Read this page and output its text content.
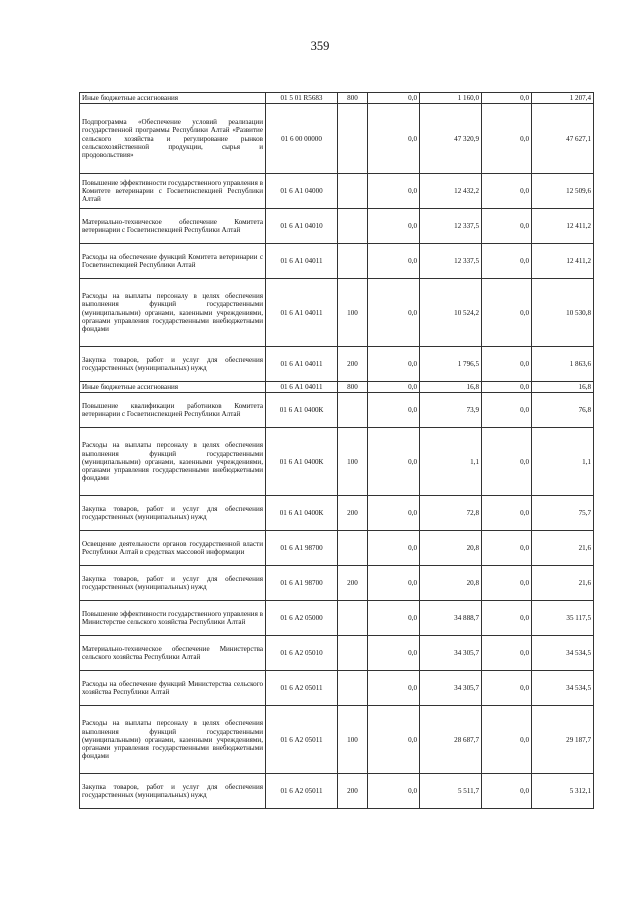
359
Иные бюджетные ассигнования	01 5 01 R5683	800	0,0	1 160,0	0,0	1 207,4
Подпрограмма «Обеспечение условий реализации государственной программы Республики Алтай «Развитие сельского хозяйства и регулирование рынков сельскохозяйственной продукции, сырья и продовольствия»	01 6 00 00000		0,0	47 320,9	0,0	47 627,1
Повышение эффективности государственного управления в Комитете ветеринарии с Госветинспекцией Республики Алтай	01 6 А1 04000		0,0	12 432,2	0,0	12 509,6
Материально-техническое обеспечение Комитета ветеринарии с Госветинспекцией Республики Алтай	01 6 А1 04010		0,0	12 337,5	0,0	12 411,2
Расходы на обеспечение функций Комитета ветеринарии с Госветинспекцией Республики Алтай	01 6 А1 04011		0,0	12 337,5	0,0	12 411,2
Расходы на выплаты персоналу в целях обеспечения выполнения функций государственными (муниципальными) органами, казенными учреждениями, органами управления государственными внебюджетными фондами	01 6 А1 04011	100	0,0	10 524,2	0,0	10 530,8
Закупка товаров, работ и услуг для обеспечения государственных (муниципальных) нужд	01 6 А1 04011	200	0,0	1 796,5	0,0	1 863,6
Иные бюджетные ассигнования	01 6 А1 04011	800	0,0	16,8	0,0	16,8
Повышение квалификации работников Комитета ветеринарии с Госветинспекцией Республики Алтай	01 6 А1 0400К		0,0	73,9	0,0	76,8
Расходы на выплаты персоналу в целях обеспечения выполнения функций государственными (муниципальными) органами, казенными учреждениями, органами управления государственными внебюджетными фондами	01 6 А1 0400К	100	0,0	1,1	0,0	1,1
Закупка товаров, работ и услуг для обеспечения государственных (муниципальных) нужд	01 6 А1 0400К	200	0,0	72,8	0,0	75,7
Освещение деятельности органов государственной власти Республики Алтай в средствах массовой информации	01 6 А1 98700		0,0	20,8	0,0	21,6
Закупка товаров, работ и услуг для обеспечения государственных (муниципальных) нужд	01 6 А1 98700	200	0,0	20,8	0,0	21,6
Повышение эффективности государственного управления в Министерстве сельского хозяйства Республики Алтай	01 6 А2 05000		0,0	34 888,7	0,0	35 117,5
Материально-техническое обеспечение Министерства сельского хозяйства Республики Алтай	01 6 А2 05010		0,0	34 305,7	0,0	34 534,5
Расходы на обеспечение функций Министерства сельского хозяйства Республики Алтай	01 6 А2 05011		0,0	34 305,7	0,0	34 534,5
Расходы на выплаты персоналу в целях обеспечения выполнения функций государственными (муниципальными) органами, казенными учреждениями, органами управления государственными внебюджетными фондами	01 6 А2 05011	100	0,0	28 687,7	0,0	29 187,7
Закупка товаров, работ и услуг для обеспечения государственных (муниципальных) нужд	01 6 А2 05011	200	0,0	5 511,7	0,0	5 312,1
